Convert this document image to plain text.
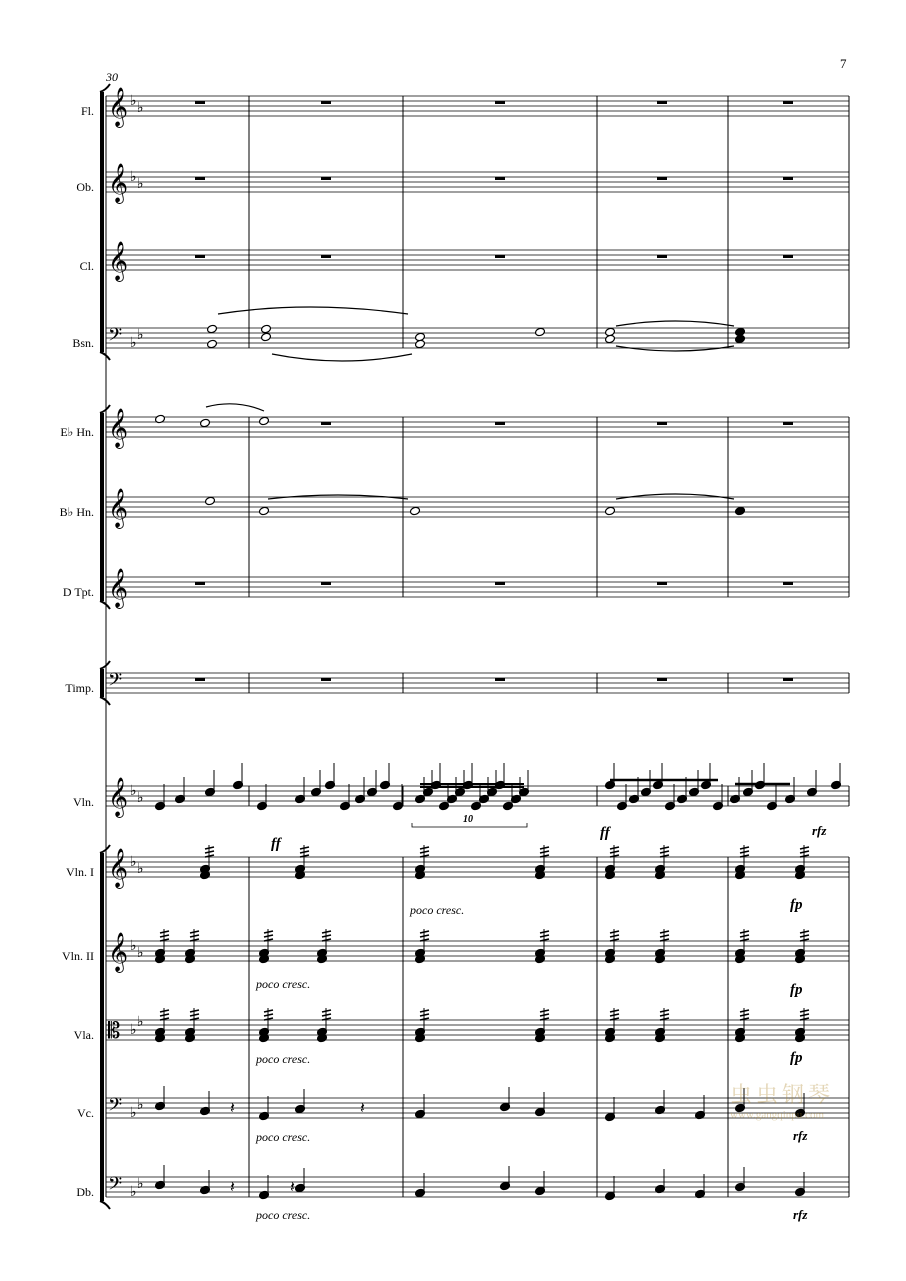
𝄞 ♭ ♭
𝄞 ♭ ♭
𝄞
𝄢 ♭ ♭
𝄞
𝄞
𝄞
𝄢
𝄞 ♭ ♭
𝄞 ♭ ♭
𝄞 ♭ ♭
𝄡 ♭ ♭
𝄢 ♭ ♭
𝄢 ♭ ♭
𝄽
𝄽
𝄽
𝄽
7
30
Fl.
Ob.
Cl.
Bsn.
E♭ Hn.
B♭ Hn.
D Tpt.
Timp.
Vln.
Vln. I
Vln. II
Vla.
Vc.
Db.
ff
ff	rfz
fp
fp
fp
rfz
rfz
poco cresc.
poco cresc.
poco cresc.
poco cresc.
poco cresc.
10
虫虫钢琴
www.gangqinpu.com
